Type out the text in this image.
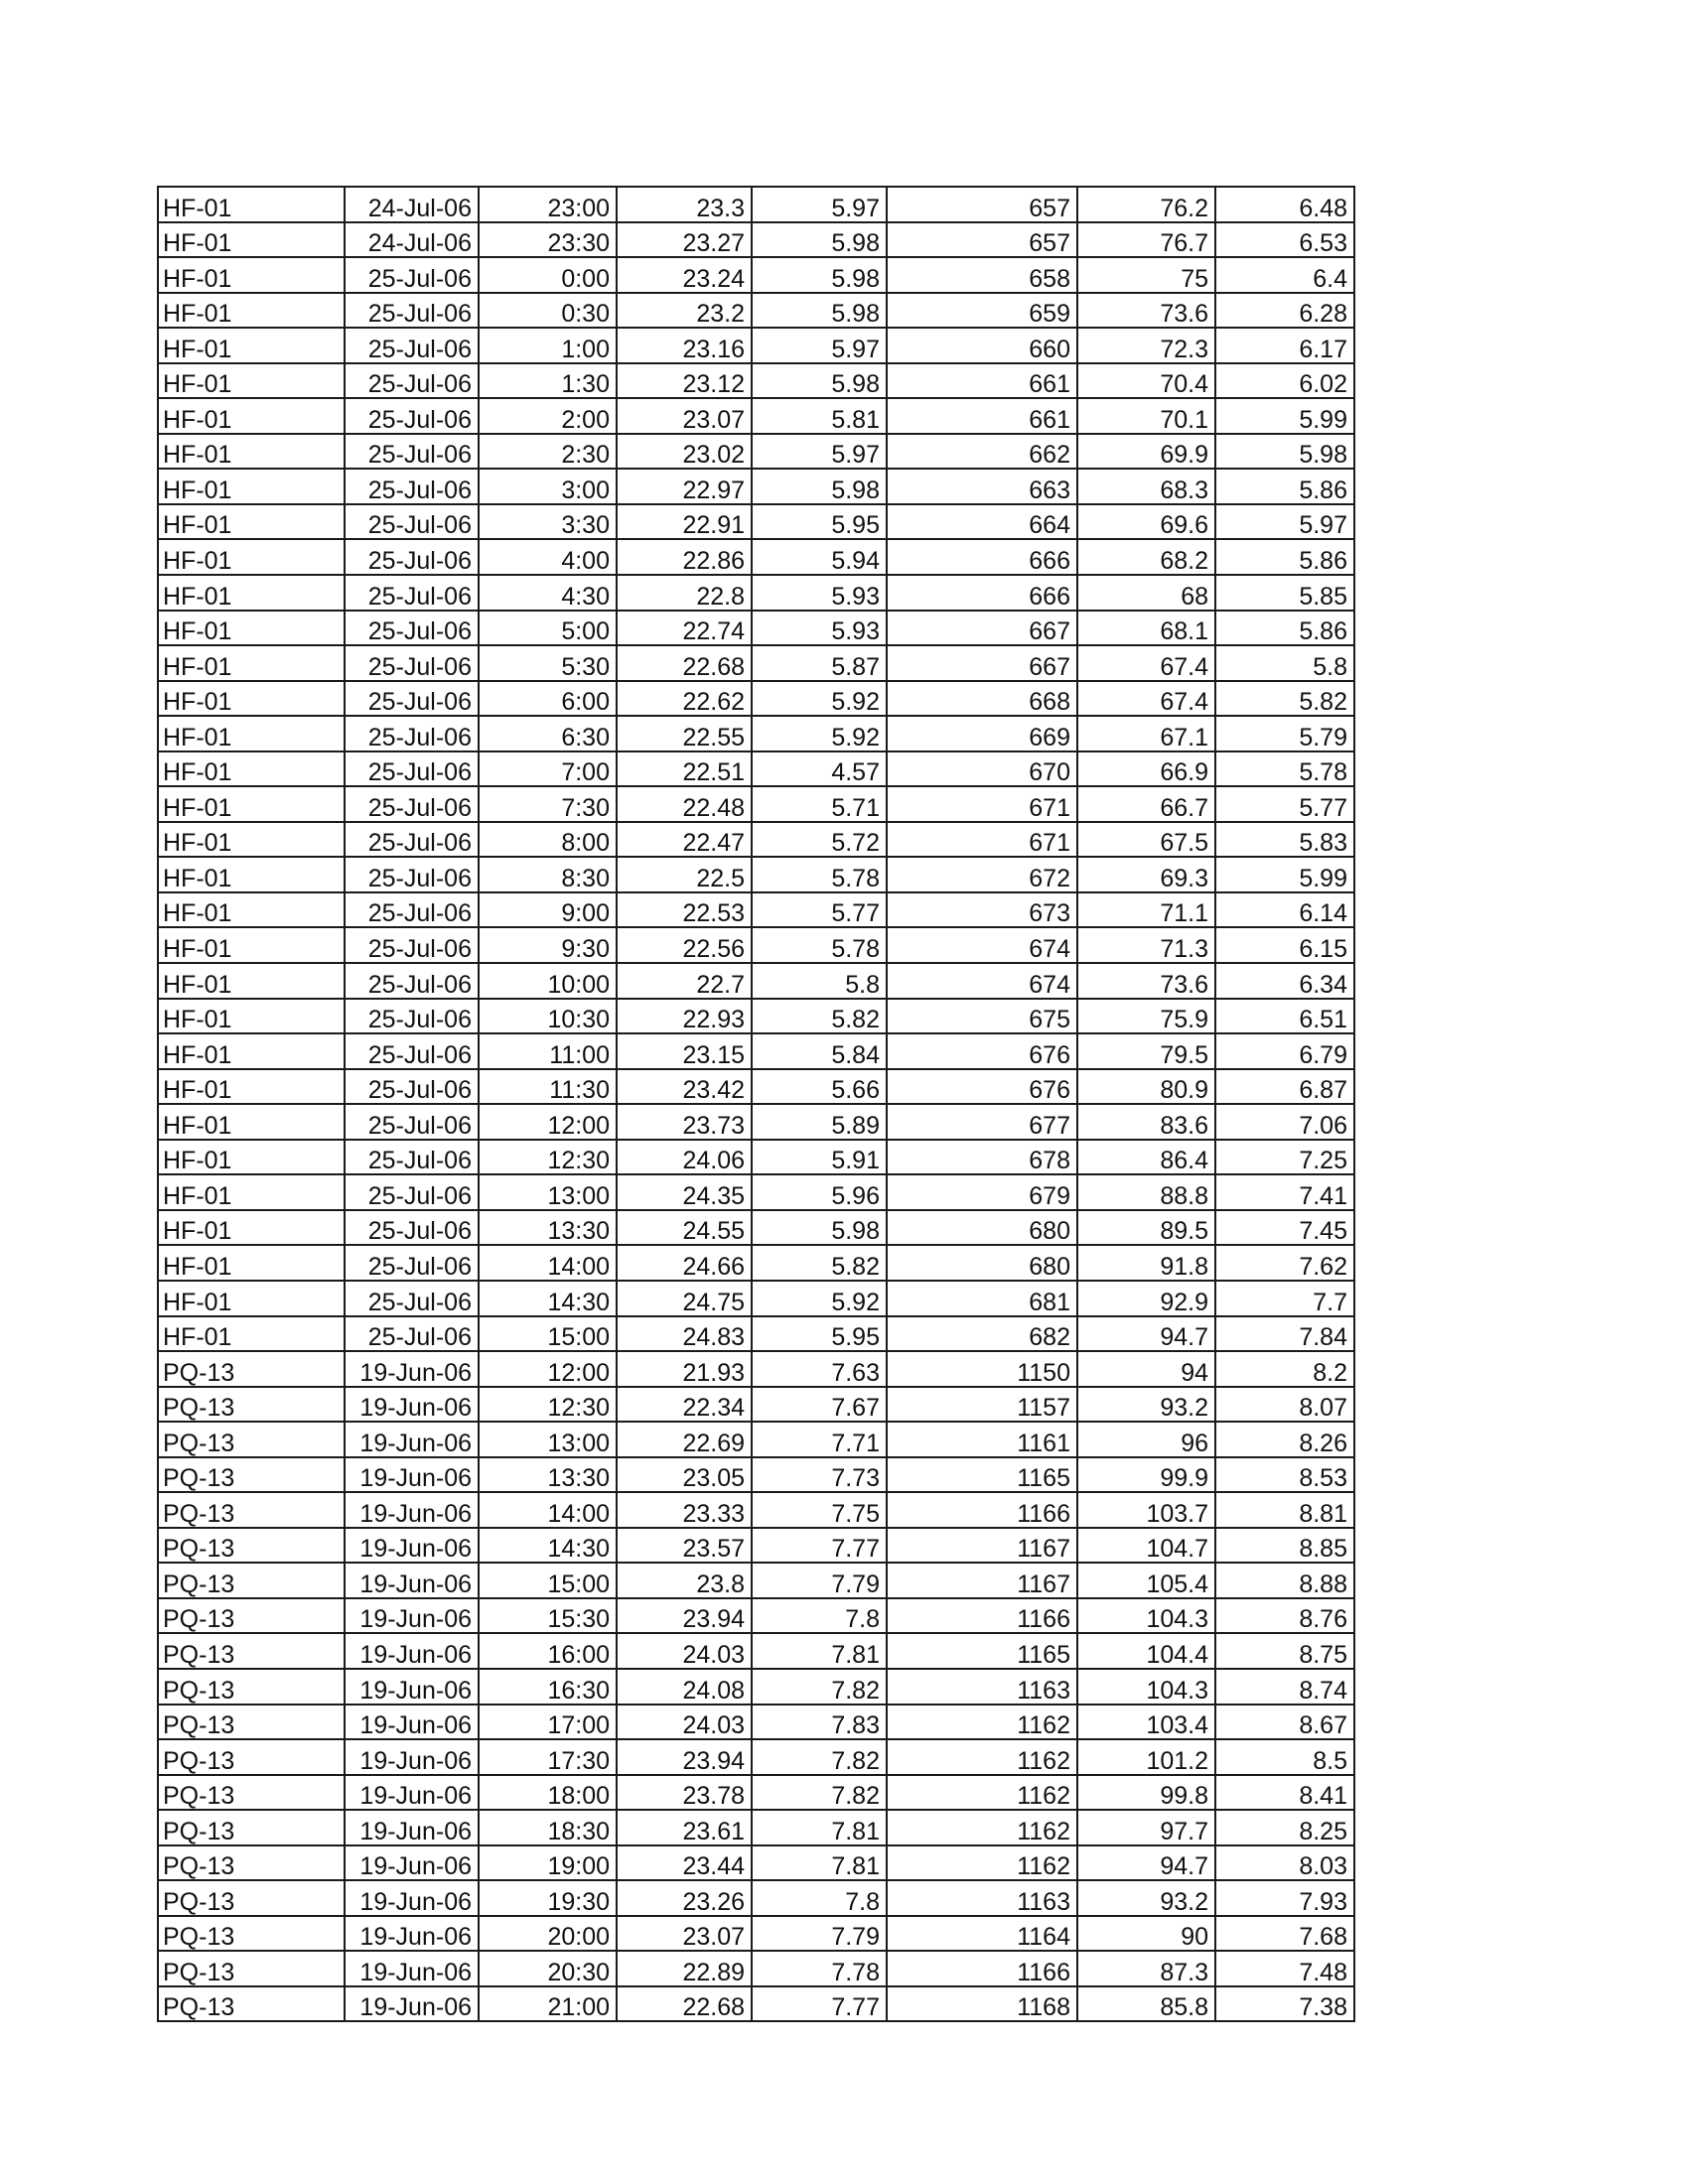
HF-01	24-Jul-06	23:00	23.3	5.97	657	76.2	6.48
HF-01	24-Jul-06	23:30	23.27	5.98	657	76.7	6.53
HF-01	25-Jul-06	0:00	23.24	5.98	658	75	6.4
HF-01	25-Jul-06	0:30	23.2	5.98	659	73.6	6.28
HF-01	25-Jul-06	1:00	23.16	5.97	660	72.3	6.17
HF-01	25-Jul-06	1:30	23.12	5.98	661	70.4	6.02
HF-01	25-Jul-06	2:00	23.07	5.81	661	70.1	5.99
HF-01	25-Jul-06	2:30	23.02	5.97	662	69.9	5.98
HF-01	25-Jul-06	3:00	22.97	5.98	663	68.3	5.86
HF-01	25-Jul-06	3:30	22.91	5.95	664	69.6	5.97
HF-01	25-Jul-06	4:00	22.86	5.94	666	68.2	5.86
HF-01	25-Jul-06	4:30	22.8	5.93	666	68	5.85
HF-01	25-Jul-06	5:00	22.74	5.93	667	68.1	5.86
HF-01	25-Jul-06	5:30	22.68	5.87	667	67.4	5.8
HF-01	25-Jul-06	6:00	22.62	5.92	668	67.4	5.82
HF-01	25-Jul-06	6:30	22.55	5.92	669	67.1	5.79
HF-01	25-Jul-06	7:00	22.51	4.57	670	66.9	5.78
HF-01	25-Jul-06	7:30	22.48	5.71	671	66.7	5.77
HF-01	25-Jul-06	8:00	22.47	5.72	671	67.5	5.83
HF-01	25-Jul-06	8:30	22.5	5.78	672	69.3	5.99
HF-01	25-Jul-06	9:00	22.53	5.77	673	71.1	6.14
HF-01	25-Jul-06	9:30	22.56	5.78	674	71.3	6.15
HF-01	25-Jul-06	10:00	22.7	5.8	674	73.6	6.34
HF-01	25-Jul-06	10:30	22.93	5.82	675	75.9	6.51
HF-01	25-Jul-06	11:00	23.15	5.84	676	79.5	6.79
HF-01	25-Jul-06	11:30	23.42	5.66	676	80.9	6.87
HF-01	25-Jul-06	12:00	23.73	5.89	677	83.6	7.06
HF-01	25-Jul-06	12:30	24.06	5.91	678	86.4	7.25
HF-01	25-Jul-06	13:00	24.35	5.96	679	88.8	7.41
HF-01	25-Jul-06	13:30	24.55	5.98	680	89.5	7.45
HF-01	25-Jul-06	14:00	24.66	5.82	680	91.8	7.62
HF-01	25-Jul-06	14:30	24.75	5.92	681	92.9	7.7
HF-01	25-Jul-06	15:00	24.83	5.95	682	94.7	7.84
PQ-13	19-Jun-06	12:00	21.93	7.63	1150	94	8.2
PQ-13	19-Jun-06	12:30	22.34	7.67	1157	93.2	8.07
PQ-13	19-Jun-06	13:00	22.69	7.71	1161	96	8.26
PQ-13	19-Jun-06	13:30	23.05	7.73	1165	99.9	8.53
PQ-13	19-Jun-06	14:00	23.33	7.75	1166	103.7	8.81
PQ-13	19-Jun-06	14:30	23.57	7.77	1167	104.7	8.85
PQ-13	19-Jun-06	15:00	23.8	7.79	1167	105.4	8.88
PQ-13	19-Jun-06	15:30	23.94	7.8	1166	104.3	8.76
PQ-13	19-Jun-06	16:00	24.03	7.81	1165	104.4	8.75
PQ-13	19-Jun-06	16:30	24.08	7.82	1163	104.3	8.74
PQ-13	19-Jun-06	17:00	24.03	7.83	1162	103.4	8.67
PQ-13	19-Jun-06	17:30	23.94	7.82	1162	101.2	8.5
PQ-13	19-Jun-06	18:00	23.78	7.82	1162	99.8	8.41
PQ-13	19-Jun-06	18:30	23.61	7.81	1162	97.7	8.25
PQ-13	19-Jun-06	19:00	23.44	7.81	1162	94.7	8.03
PQ-13	19-Jun-06	19:30	23.26	7.8	1163	93.2	7.93
PQ-13	19-Jun-06	20:00	23.07	7.79	1164	90	7.68
PQ-13	19-Jun-06	20:30	22.89	7.78	1166	87.3	7.48
PQ-13	19-Jun-06	21:00	22.68	7.77	1168	85.8	7.38
